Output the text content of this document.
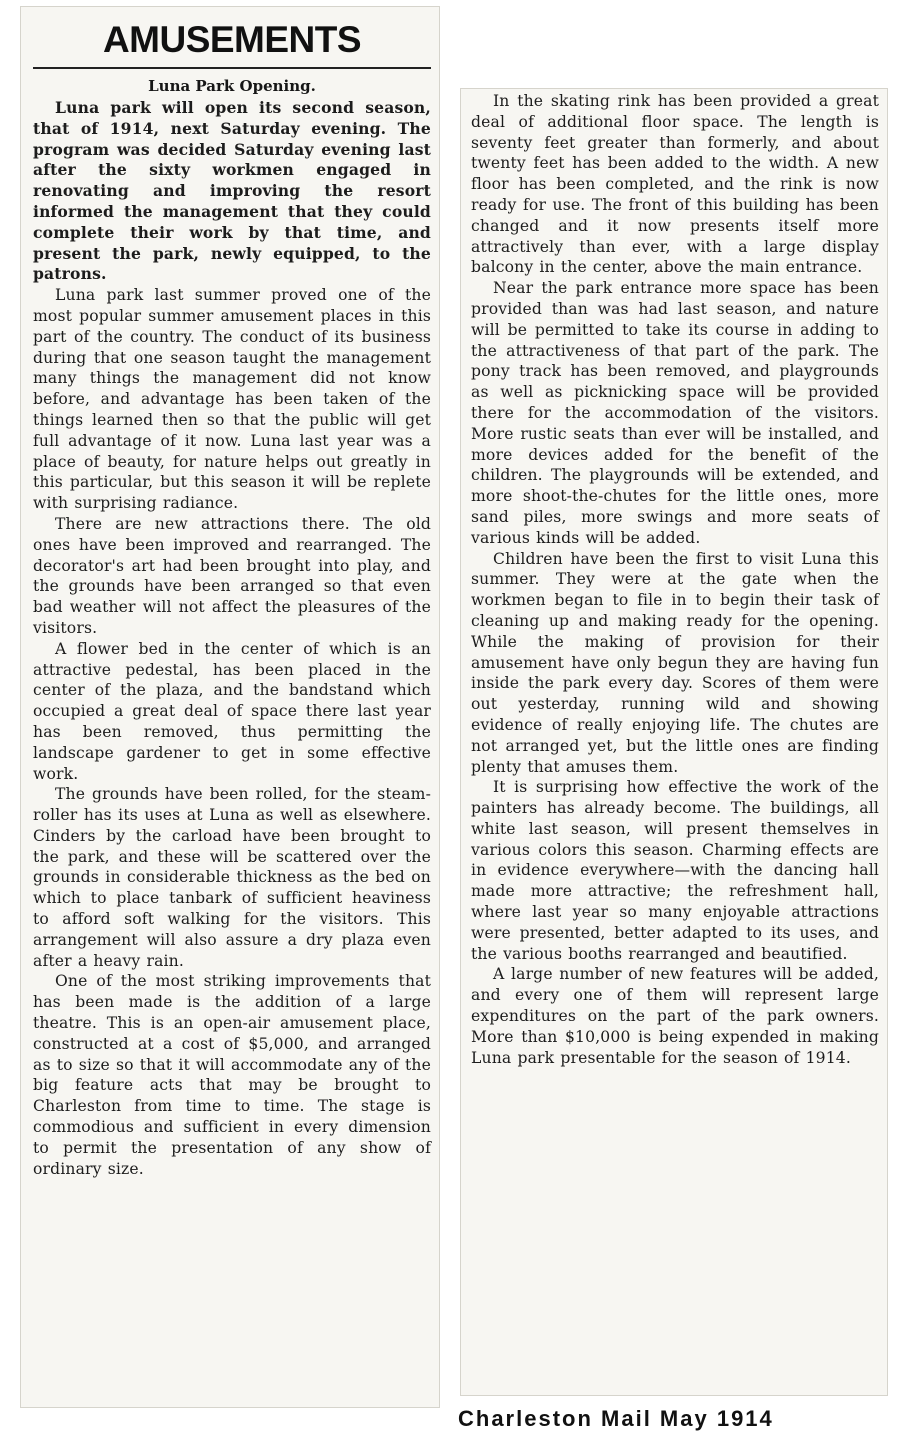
AMUSEMENTS
Luna Park Opening.

Luna park will open its second season, that of 1914, next Saturday evening. The program was decided Saturday evening last after the sixty workmen engaged in renovating and improving the resort informed the management that they could complete their work by that time, and present the park, newly equipped, to the patrons.

Luna park last summer proved one of the most popular summer amusement places in this part of the country. The conduct of its business during that one season taught the management many things the management did not know before, and advantage has been taken of the things learned then so that the public will get full advantage of it now. Luna last year was a place of beauty, for nature helps out greatly in this particular, but this season it will be replete with surprising radiance.

There are new attractions there. The old ones have been improved and rearranged. The decorator's art had been brought into play, and the grounds have been arranged so that even bad weather will not affect the pleasures of the visitors.

A flower bed in the center of which is an attractive pedestal, has been placed in the center of the plaza, and the bandstand which occupied a great deal of space there last year has been removed, thus permitting the landscape gardener to get in some effective work.

The grounds have been rolled, for the steam-roller has its uses at Luna as well as elsewhere. Cinders by the carload have been brought to the park, and these will be scattered over the grounds in considerable thickness as the bed on which to place tanbark of sufficient heaviness to afford soft walking for the visitors. This arrangement will also assure a dry plaza even after a heavy rain.

One of the most striking improvements that has been made is the addition of a large theatre. This is an open-air amusement place, constructed at a cost of $5,000, and arranged as to size so that it will accommodate any of the big feature acts that may be brought to Charleston from time to time. The stage is commodious and sufficient in every dimension to permit the presentation of any show of ordinary size.

In the skating rink has been provided a great deal of additional floor space. The length is seventy feet greater than formerly, and about twenty feet has been added to the width. A new floor has been completed, and the rink is now ready for use. The front of this building has been changed and it now presents itself more attractively than ever, with a large display balcony in the center, above the main entrance.

Near the park entrance more space has been provided than was had last season, and nature will be permitted to take its course in adding to the attractiveness of that part of the park. The pony track has been removed, and playgrounds as well as picknicking space will be provided there for the accommodation of the visitors. More rustic seats than ever will be installed, and more devices added for the benefit of the children. The playgrounds will be extended, and more shoot-the-chutes for the little ones, more sand piles, more swings and more seats of various kinds will be added.

Children have been the first to visit Luna this summer. They were at the gate when the workmen began to file in to begin their task of cleaning up and making ready for the opening. While the making of provision for their amusement have only begun they are having fun inside the park every day. Scores of them were out yesterday, running wild and showing evidence of really enjoying life. The chutes are not arranged yet, but the little ones are finding plenty that amuses them.

It is surprising how effective the work of the painters has already become. The buildings, all white last season, will present themselves in various colors this season. Charming effects are in evidence everywhere—with the dancing hall made more attractive; the refreshment hall, where last year so many enjoyable attractions were presented, better adapted to its uses, and the various booths rearranged and beautified.

A large number of new features will be added, and every one of them will represent large expenditures on the part of the park owners. More than $10,000 is being expended in making Luna park presentable for the season of 1914.

Charleston Mail May 1914
